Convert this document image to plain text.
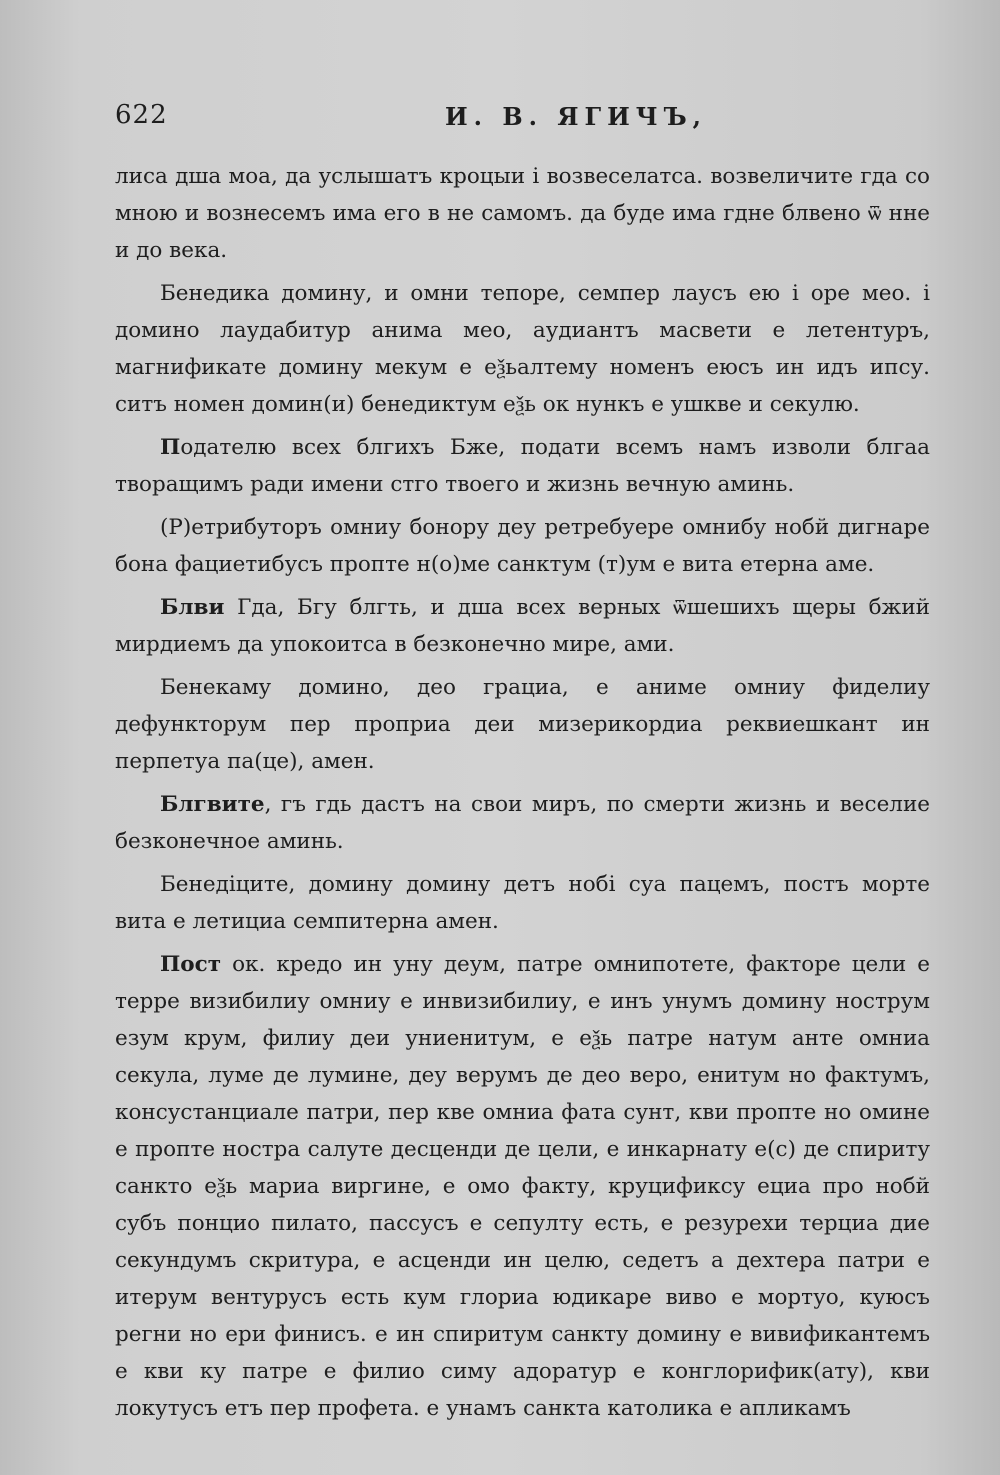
622	И. В. ЯГИЧЪ,

лиса дша моа, да услышатъ кроцыи і возвеселатса. возвеличите гда со мною и вознесемъ има его в не самомъ. да буде има гдне блвено ѿ нне и до века.

Бенедика домину, и омни тепоре, семпер лаусъ ею і оре мео. і домино лаудабитур анима мео, аудиантъ масвети е летентуръ, магнификате домину мекум е еѯьалтему номенъ еюсъ ин идъ ипсу. ситъ номен домин(и) бенедиктум еѯь ок нункъ е ушкве и секулю.

Подателю всех блгихъ Бже, подати всемъ намъ изволи блгаа творащимъ ради имени стго твоего и жизнь вечную аминь.

(Р)етрибуторъ омниу бонору деу ретребуере омнибу нобй дигнаре бона фациетибусъ пропте н(о)ме санктум (т)ум е вита етерна аме.

Блви Гда, Бгу блгть, и дша всех верных ѿшешихъ щеры бжий мирдиемъ да упокоитса в безконечно мире, ами.

Бенекаму домино, део грациа, е аниме омниу фиделиу дефункторум пер проприа деи мизерикордиа реквиешкант ин перпетуа па(це), амен.

Блгвите, гъ гдь дастъ на свои миръ, по смерти жизнь и веселие безконечное аминь.

Бенедіците, домину домину детъ нобі суа пацемъ, постъ морте вита е летициа семпитерна амен.

Пост ок. кредо ин уну деум, патре омнипотете, факторе цели е терре визибилиу омниу е инвизибилиу, е инъ унумъ домину нострум езум крум, филиу деи униенитум, е еѯь патре натум анте омниа секула, луме де лумине, деу верумъ де део веро, енитум но фактумъ, консустанциале патри, пер кве омниа фата сунт, кви пропте но омине е пропте ностра салуте десценди де цели, е инкарнату е(с) де спириту санкто еѯь мариа виргине, е омо факту, круцификсу ециа про нобй субъ понцио пилато, пассусъ е сепулту есть, е резурехи терциа дие секундумъ скритура, е асценди ин целю, седетъ а дехтера патри е итерум вентурусъ есть кум глориа юдикаре виво е мортуо, куюсъ регни но ери финисъ. е ин спиритум санкту домину е вивификантемъ е кви ку патре е филио симу адоратур е конглорифик(ату), кви локутусъ етъ пер профета. е унамъ санкта католика е апликамъ
